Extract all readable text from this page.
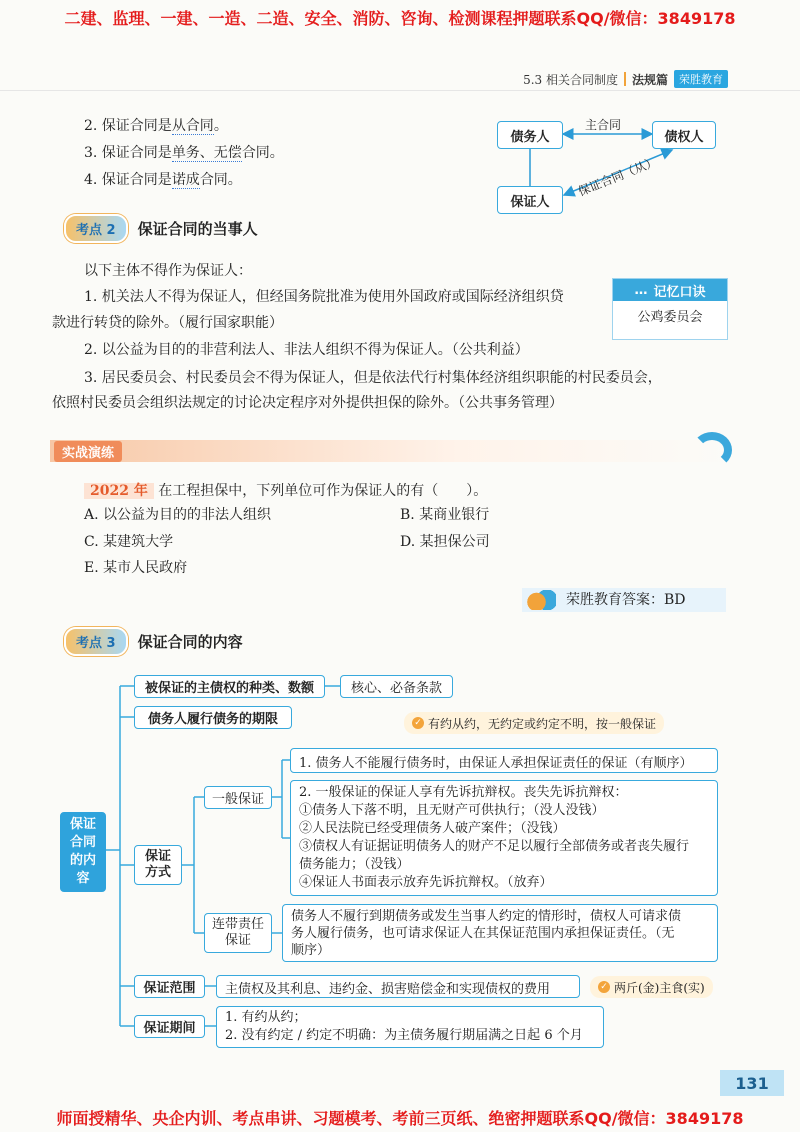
二建、监理、一建、一造、二造、安全、消防、咨询、检测课程押题联系QQ/微信：3849178
5.3 相关合同制度 法规篇	荣胜教育
2. 保证合同是从合同。
3. 保证合同是单务、无偿合同。
4. 保证合同是诺成合同。
债务人	债权人
保证人
主合同
保证合同（从）
考点 2	保证合同的当事人
以下主体不得作为保证人：
1. 机关法人不得为保证人，但经国务院批准为使用外国政府或国际经济组织贷
款进行转贷的除外。（履行国家职能）
2. 以公益为目的的非营利法人、非法人组织不得为保证人。（公共利益）
3. 居民委员会、村民委员会不得为保证人，但是依法代行村集体经济组织职能的村民委员会，
依照村民委员会组织法规定的讨论决定程序对外提供担保的除外。（公共事务管理）
… 记忆口诀
公鸡委员会
实战演练
2022 年 在工程担保中，下列单位可作为保证人的有（　　）。
A. 以公益为目的的非法人组织	B. 某商业银行
C. 某建筑大学	D. 某担保公司
E. 某市人民政府
荣胜教育答案：BD
考点 3	保证合同的内容
保证合同的内容
被保证的主债权的种类、数额	核心、必备条款
债务人履行债务的期限	✓ 有约从约，无约定或约定不明，按一般保证
保证方式
一般保证
1. 债务人不能履行债务时，由保证人承担保证责任的保证（有顺序）
2. 一般保证的保证人享有先诉抗辩权。丧失先诉抗辩权：
①债务人下落不明，且无财产可供执行；（没人没钱）
②人民法院已经受理债务人破产案件；（没钱）
③债权人有证据证明债务人的财产不足以履行全部债务或者丧失履行
债务能力；（没钱）
④保证人书面表示放弃先诉抗辩权。（放弃）
连带责任保证
债务人不履行到期债务或发生当事人约定的情形时，债权人可请求债
务人履行债务，也可请求保证人在其保证范围内承担保证责任。（无
顺序）
保证范围	主债权及其利息、违约金、损害赔偿金和实现债权的费用	✓ 两斤(金)主食(实)
保证期间
1. 有约从约；
2. 没有约定 / 约定不明确：为主债务履行期届满之日起 6 个月
131
师面授精华、央企内训、考点串讲、习题模考、考前三页纸、绝密押题联系QQ/微信：3849178
